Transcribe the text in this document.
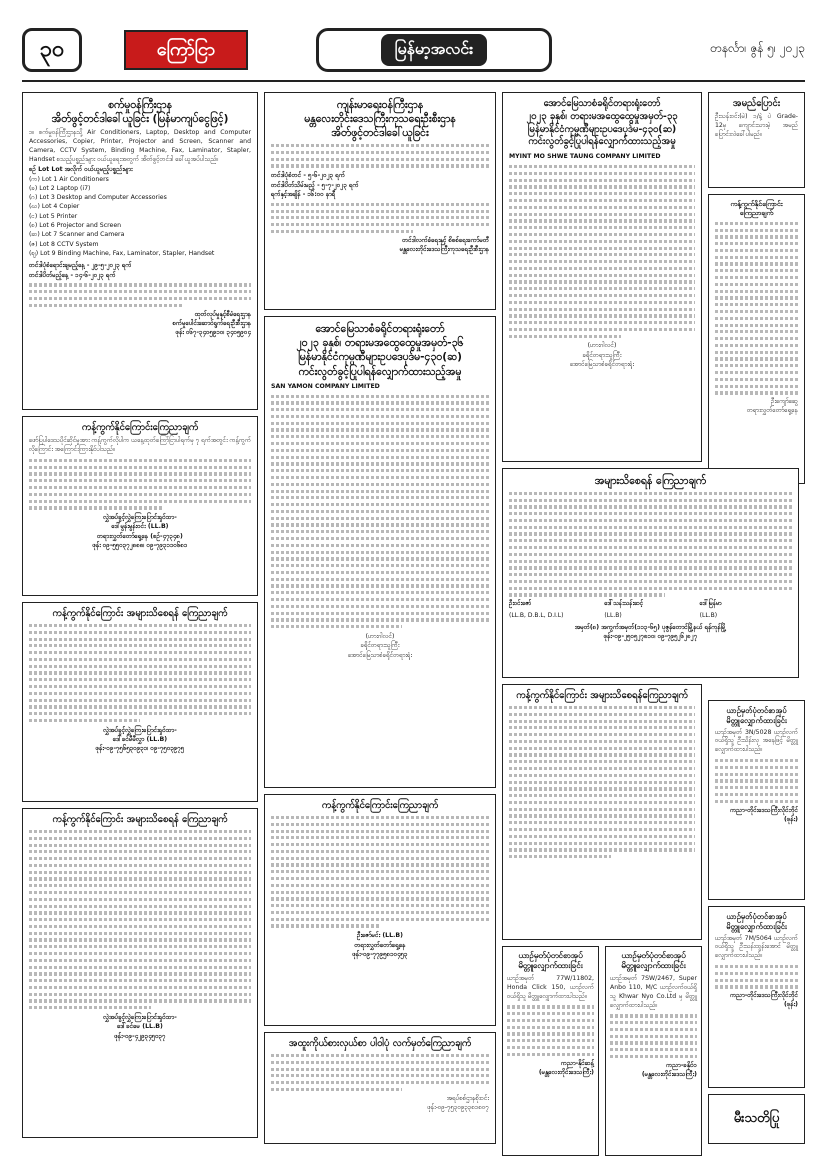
၃၀	ကြော်ငြာ	မြန်မာ့အလင်း	တနင်္လာ၊ ဇွန် ၅၊ ၂၀၂၃
စက်မှုဝန်ကြီးဌာန
အိတ်ဖွင့်တင်ဒါခေါ်ယူခြင်း (မြန်မာကျပ်ငွေဖြင့်)

၁။ စက်မှုဝန်ကြီးဌာနသို့ Air Conditioners, Laptop, Desktop and Computer Accessories, Copier, Printer, Projector and Screen, Scanner and Camera, CCTV System, Binding Machine, Fax, Laminator, Stapler, Handset စသည့်ပစ္စည်းများ ဝယ်ယူရေးအတွက် အိတ်ဖွင့်တင်ဒါ ခေါ်ယူအပ်ပါသည်။

စဉ် Lot Lot အလိုက် ဝယ်ယူမည့်ပစ္စည်းများ
(က) Lot 1 Air Conditioners
(ခ) Lot 2 Laptop (i7)
(ဂ) Lot 3 Desktop and Computer Accessories
(ဃ) Lot 4 Copier
(င) Lot 5 Printer
(စ) Lot 6 Projector and Screen
(ဆ) Lot 7 Scanner and Camera
(ဇ) Lot 8 CCTV System
(ဈ) Lot 9 Binding Machine, Fax, Laminator, Stapler, Handset
တင်ဒါပုံစံရောင်းချမည့်နေ့ - ၂၉-၅-၂၀၂၃ ရက်
တင်ဒါပိတ်မည့်နေ့ - ၁၄-၆-၂၀၂၃ ရက်
ထုတ်လုပ်မှုနှင့်စီမံရေးဌာန
စက်မှုပေါင်းဆောင်ရွက်ရေးဦးစီးဌာန
ဖုန်း ၀၆၇-၃၄၀၅၉၁၀၊ ၃၄၀၅၉၀၄
ကန့်ကွက်နိုင်ကြောင်းကြေညာချက်

ဖော်ပြပါဒေသပိုင်ဆိုင်မှုအား ကန့်ကွက်လိုပါက ယနေ့ထုတ်ကြော်ငြာပါရက်မှ ၇ ရက်အတွင်း ကန့်ကွက်လိုကြောင်း အကြောင်းကြားနိုင်ပါသည်။

လွှဲအပ်ခွင့်လွှဲကြေးပြောင်းရှင်ထာ-
ဒေါ်မွန်းမွန်းဝင်း (LL.B)
တရားလွှတ်တော်ရှေ့နေ (စဉ်-၄၇၃၄၈)
ဖုန်း ၀၉-၅၅၀၃၇၂၈၈၈၊ ၀၉-၇၉၃၁၁၀၆၈၁
ကန့်ကွက်နိုင်ကြောင်း အများသိစေရန် ကြေညာချက်
လွှဲအပ်ခွင့်လွှဲကြေးပြောင်းရှင်ထာ-
ဒေါ်ခင်မီမီလွှာ (LL.B)
ဖုန်း-၀၉-၇၅၆၅၃၀၉၃၁၊ ၀၉-၇၅၀၃၉၇၅
ကန့်ကွက်နိုင်ကြောင်း အများသိစေရန် ကြေညာချက်
လွှဲအပ်ခွင့်လွှဲကြေးပြောင်းရှင်ထာ-
ဒေါ်ခင်မေ (LL.B)
ဖုန်း-၀၉-၄၂၉၃၄၅၀၃၇
ကျန်းမာရေးဝန်ကြီးဌာန
မန္တလေးတိုင်းဒေသကြီးကုသရေးဦးစီးဌာန
အိတ်ဖွင့်တင်ဒါခေါ်ယူခြင်း
တင်ဒါပုံစံတင် - ၅-၆-၂၀၂၃ ရက်
တင်ဒါပိတ်သိမ်းမည့် - ၅-၇-၂၀၂၃ ရက်
ရက်နှင့်အချိန် - ၁၆:၀၀ နာရီ
တင်ဒါလက်ခံရေးနှင့် စိစစ်ရေးကော်မတီ
မန္တလေးတိုင်းဒေသကြီးကုသရေးဦးစီးဌာန
အောင်မြေသာစံခရိုင်တရားရုံးတော်
၂၀၂၃ ခုနှစ်၊ တရားမအထွေထွေမှုအမှတ်-၃၆
မြန်မာနိုင်ငံကုမ္ပဏီများဥပဒေပုဒ်မ-၄၃၀(ဆ)
ကင်းလွတ်ခွင့်ပြုပါရန်လျှောက်ထားသည့်အမှု
SAN YAMON COMPANY LIMITED
(ဟားဂါလင်)
ခရိုင်တရားသူကြီး
အောင်မြေသာစံခရိုင်တရားရုံး
ကန့်ကွက်နိုင်ကြောင်းကြေညာချက်
ဦးဇော်မင်း (LL.B)
တရားလွှတ်တော်ရှေ့နေ
ဖုန်း-၀၉-၇၇၉၅၈၁၀၄၅၃
အထူးကိုယ်စားလှယ်စာ ပါဝါပုံ လက်မှတ်ကြေညာချက်
အရပ်စစ်ဌာနစိုးဝင်း
ဖုန်း-၀၉-၇၅၃၀၉၃၃၈၁၈၀၇
အောင်မြေသာစံခရိုင်တရားရုံးတော်
၂၀၂၃ ခုနှစ်၊ တရားမအထွေထွေမှုအမှတ်-၃၃
မြန်မာနိုင်ငံကုမ္ပဏီများဥပဒေပုဒ်မ-၄၃၀(ဆ)
ကင်းလွတ်ခွင့်ပြုပါရန်လျှောက်ထားသည့်အမှု
MYINT MO SHWE TAUNG COMPANY LIMITED
(ဟားဂါလင်)
ခရိုင်တရားသူကြီး
အောင်မြေသာစံခရိုင်တရားရုံး
အများသိစေရန် ကြေညာချက်
ဦးဝင်းဇော်	ဒေါ်သန်းသန်းဆင့်	ဒေါ်မြန်မာ
(LL.B, D.B.L, D.I.L)	(LL.B)	(LL.B)
အမှတ်(၈) အကွက်အမှတ်(၁၁၃-၆၅) ပုဇွန်တောင်မြို့နယ် ရန်ကုန်မြို့
ဖုန်း-၀၉-၂၅၀၅၂၇၈၁၀၊ ၀၉-၇၉၅၂၆၂၈၂၇
ကန့်ကွက်နိုင်ကြောင်း အများသိစေရန်ကြေညာချက်
ယာဉ်မှတ်ပုံတင်စာအုပ်
မိတ္တူလျှောက်ထားခြင်း

ယာဉ်အမှတ် 77W/11802, Honda Click 150, ယာဉ်လက်ဝယ်ရှိသူ မိတ္တူလျှောက်ထားပါသည်။

ကညာ-နိုင်ဆန့်
(မန္တလေးတိုင်းဒေသကြီး)
ယာဉ်မှတ်ပုံတင်စာအုပ်
မိတ္တူလျှောက်ထားခြင်း

ယာဉ်အမှတ် 7SW/2467, Super Anbo 110, M/C ယာဉ်လက်ဝယ်ရှိသူ Khwar Nyo Co.Ltd မှ မိတ္တူလျှောက်ထားပါသည်။

ကညာ-ခနိုင်ဝ
(မန္တလေးတိုင်းဒေသကြီး)
အမည်ပြောင်း

ဦးသန်းဝင်း(မဲ) ၁/နဲ့ ပဲ Grade-12မှ ကျောင်းသားမဲ့ အမည်ပြောင်းလဲခေါ်ပါမည်။

ကန့်ကွက်နိုင်ကြောင်းကြေညာချက်
ဦးကျော်ဆွေ
တရားလွှတ်တော်ရှေ့နေ
ယာဉ်မှတ်ပုံတင်စာအုပ်
မိတ္တူလျှောက်ထားခြင်း

ယာဉ်အမှတ် 3N/5028 ယာဉ်လက်ဝယ်ရှိသူ ဦးသိန်းလှ အနေဖြင့် မိတ္တူလျှောက်ထားပါသည်။

ကညာ-တိုင်းဒေသကြီးလိုင်ဘိုင်
(ဖုန်း)
ယာဉ်မှတ်ပုံတင်စာအုပ်
မိတ္တူလျှောက်ထားခြင်း

ယာဉ်အမှတ် 7M/5064 ယာဉ်လက်ဝယ်ရှိသူ ဦးသန်းထွန်းအောင် မိတ္တူလျှောက်ထားပါသည်။

ကညာ-တိုင်းဒေသကြီးလိုင်ဘိုင်
(ဖုန်း)
မီးသတိပြု
